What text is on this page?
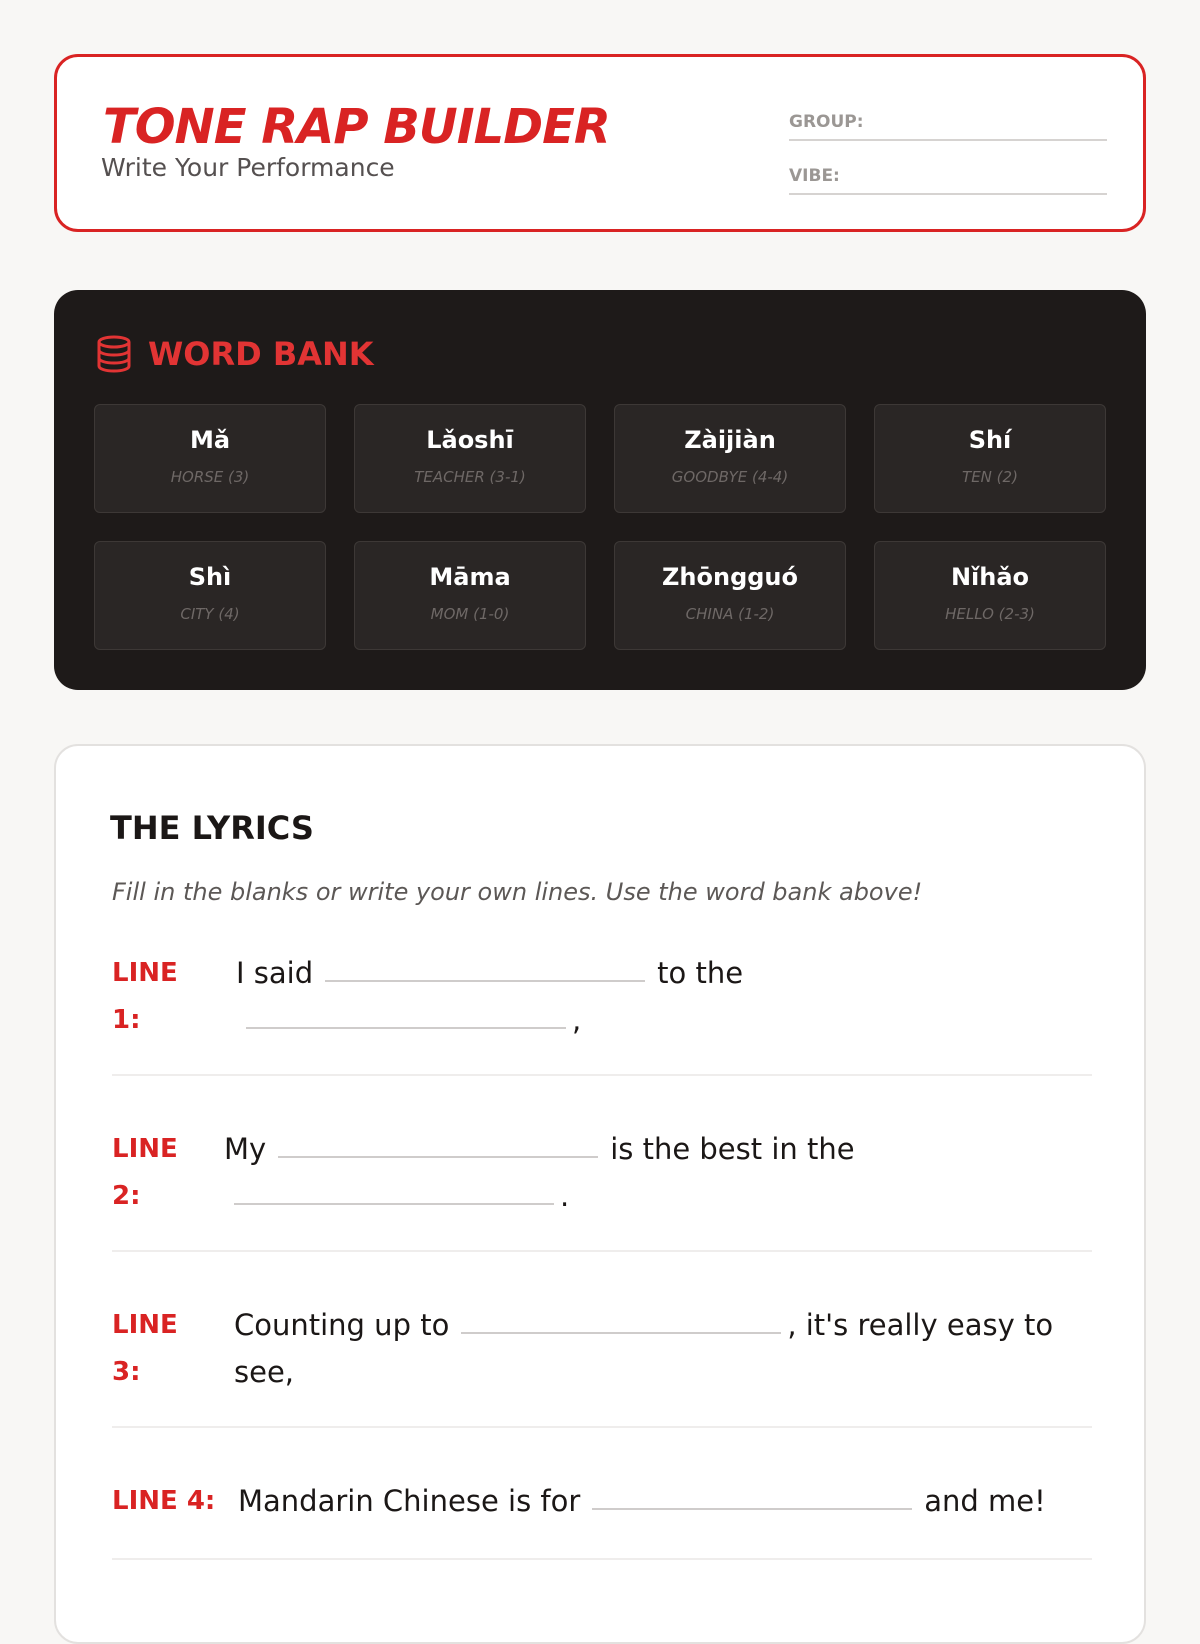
TONE RAP BUILDER
Write Your Performance
GROUP:
VIBE:
WORD BANK
Mǎ
HORSE (3)
Lǎoshī
TEACHER (3-1)
Zàijiàn
GOODBYE (4-4)
Shí
TEN (2)
Shì
CITY (4)
Māma
MOM (1-0)
Zhōngguó
CHINA (1-2)
Nǐhǎo
HELLO (2-3)
THE LYRICS

Fill in the blanks or write your own lines. Use the word bank above!

LINE
1:
I said	to the
,
LINE
2:
My	is the best in the
.
LINE
3:
Counting up to	, it's really easy to
see,
LINE 4: Mandarin Chinese is for	and me!
